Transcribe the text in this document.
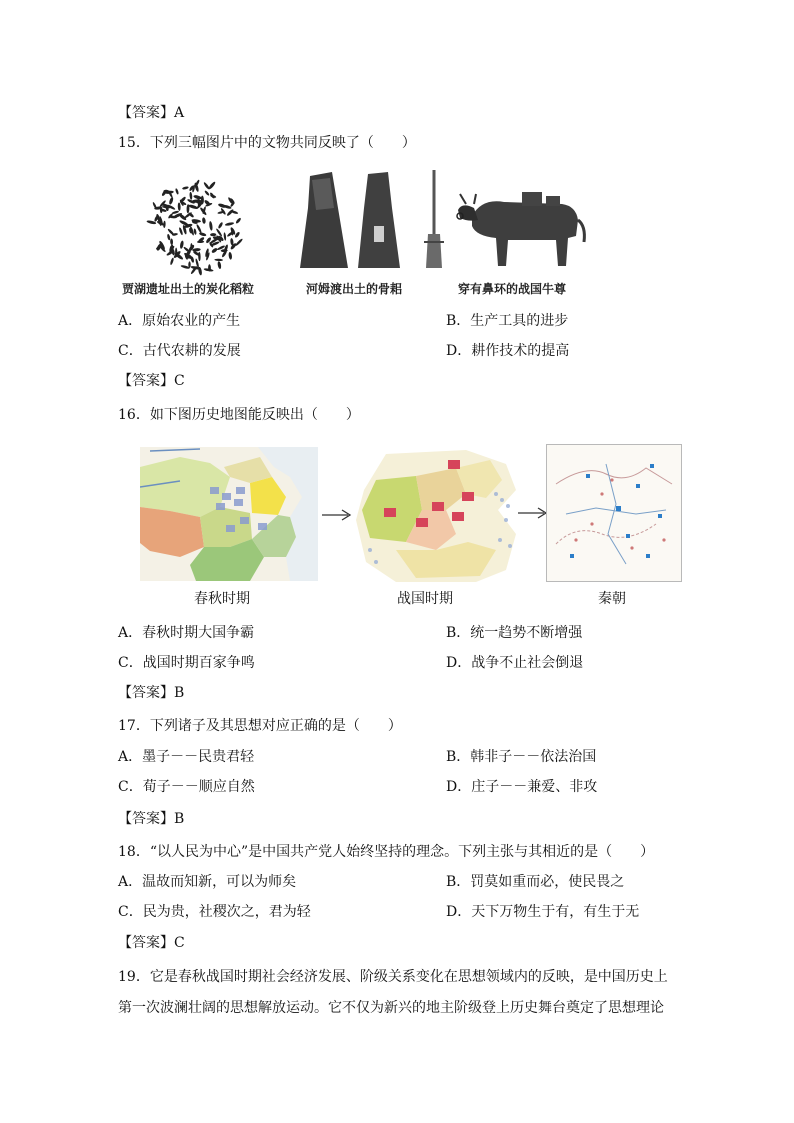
【答案】A
15．下列三幅图片中的文物共同反映了（　　）
贾湖遗址出土的炭化稻粒	河姆渡出土的骨耜	穿有鼻环的战国牛尊
A．原始农业的产生	B．生产工具的进步
C．古代农耕的发展	D．耕作技术的提高
【答案】C
16．如下图历史地图能反映出（　　）
春秋时期	战国时期	秦朝
A．春秋时期大国争霸	B．统一趋势不断增强
C．战国时期百家争鸣	D．战争不止社会倒退
【答案】B
17．下列诸子及其思想对应正确的是（　　）
A．墨子－－民贵君轻	B．韩非子－－依法治国
C．荀子－－顺应自然	D．庄子－－兼爱、非攻
【答案】B
18．“以人民为中心”是中国共产党人始终坚持的理念。下列主张与其相近的是（　　）
A．温故而知新，可以为师矣	B．罚莫如重而必，使民畏之
C．民为贵，社稷次之，君为轻	D．天下万物生于有，有生于无
【答案】C
19．它是春秋战国时期社会经济发展、阶级关系变化在思想领域内的反映，是中国历史上
第一次波澜壮阔的思想解放运动。它不仅为新兴的地主阶级登上历史舞台奠定了思想理论
